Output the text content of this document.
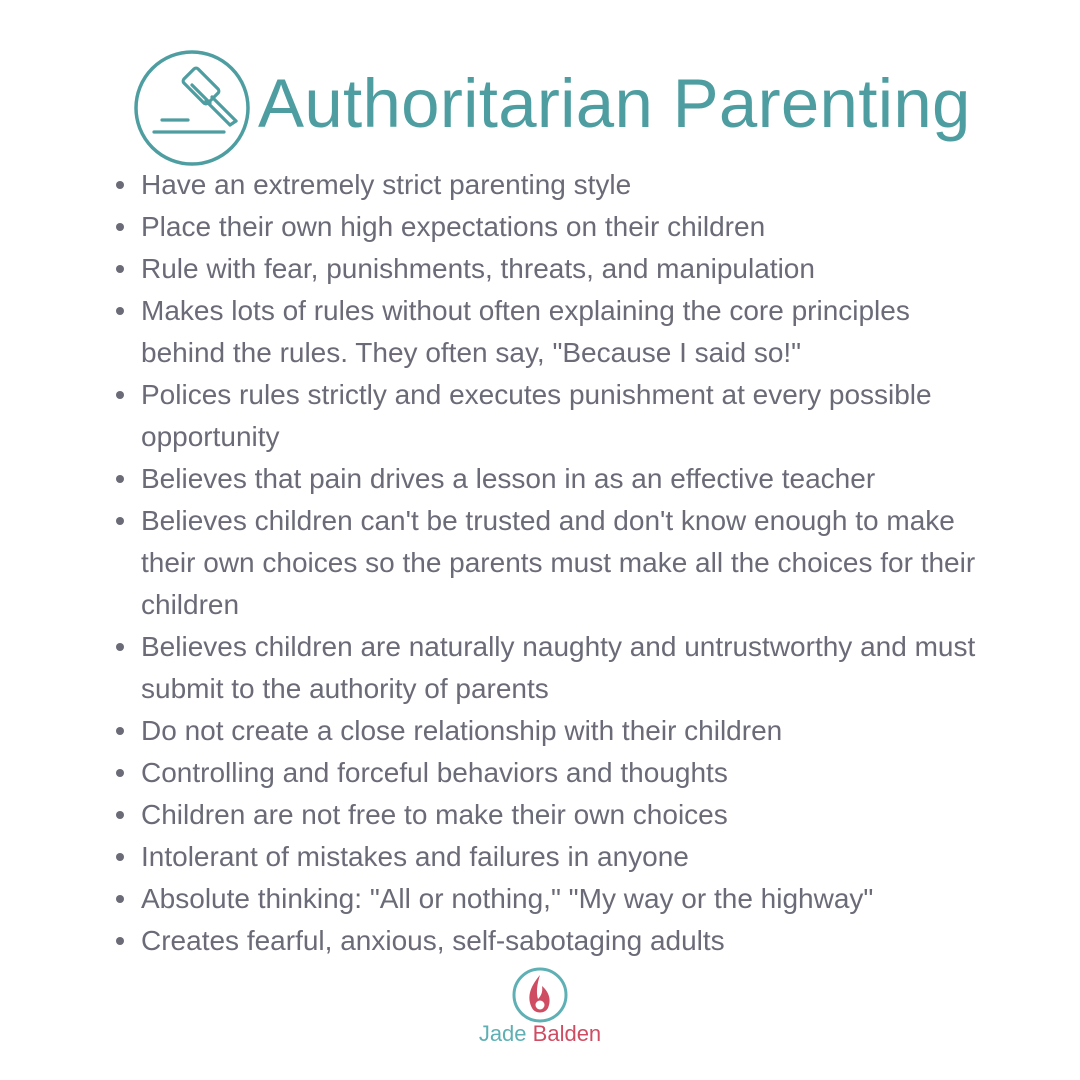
Authoritarian Parenting
Have an extremely strict parenting style
Place their own high expectations on their children
Rule with fear, punishments, threats, and manipulation
Makes lots of rules without often explaining the core principles behind the rules. They often say, "Because I said so!"
Polices rules strictly and executes punishment at every possible opportunity
Believes that pain drives a lesson in as an effective teacher
Believes children can't be trusted and don't know enough to make their own choices so the parents must make all the choices for their children
Believes children are naturally naughty and untrustworthy and must submit to the authority of parents
Do not create a close relationship with their children
Controlling and forceful behaviors and thoughts
Children are not free to make their own choices
Intolerant of mistakes and failures in anyone
Absolute thinking: "All or nothing," "My way or the highway"
Creates fearful, anxious, self-sabotaging adults
Jade Balden
